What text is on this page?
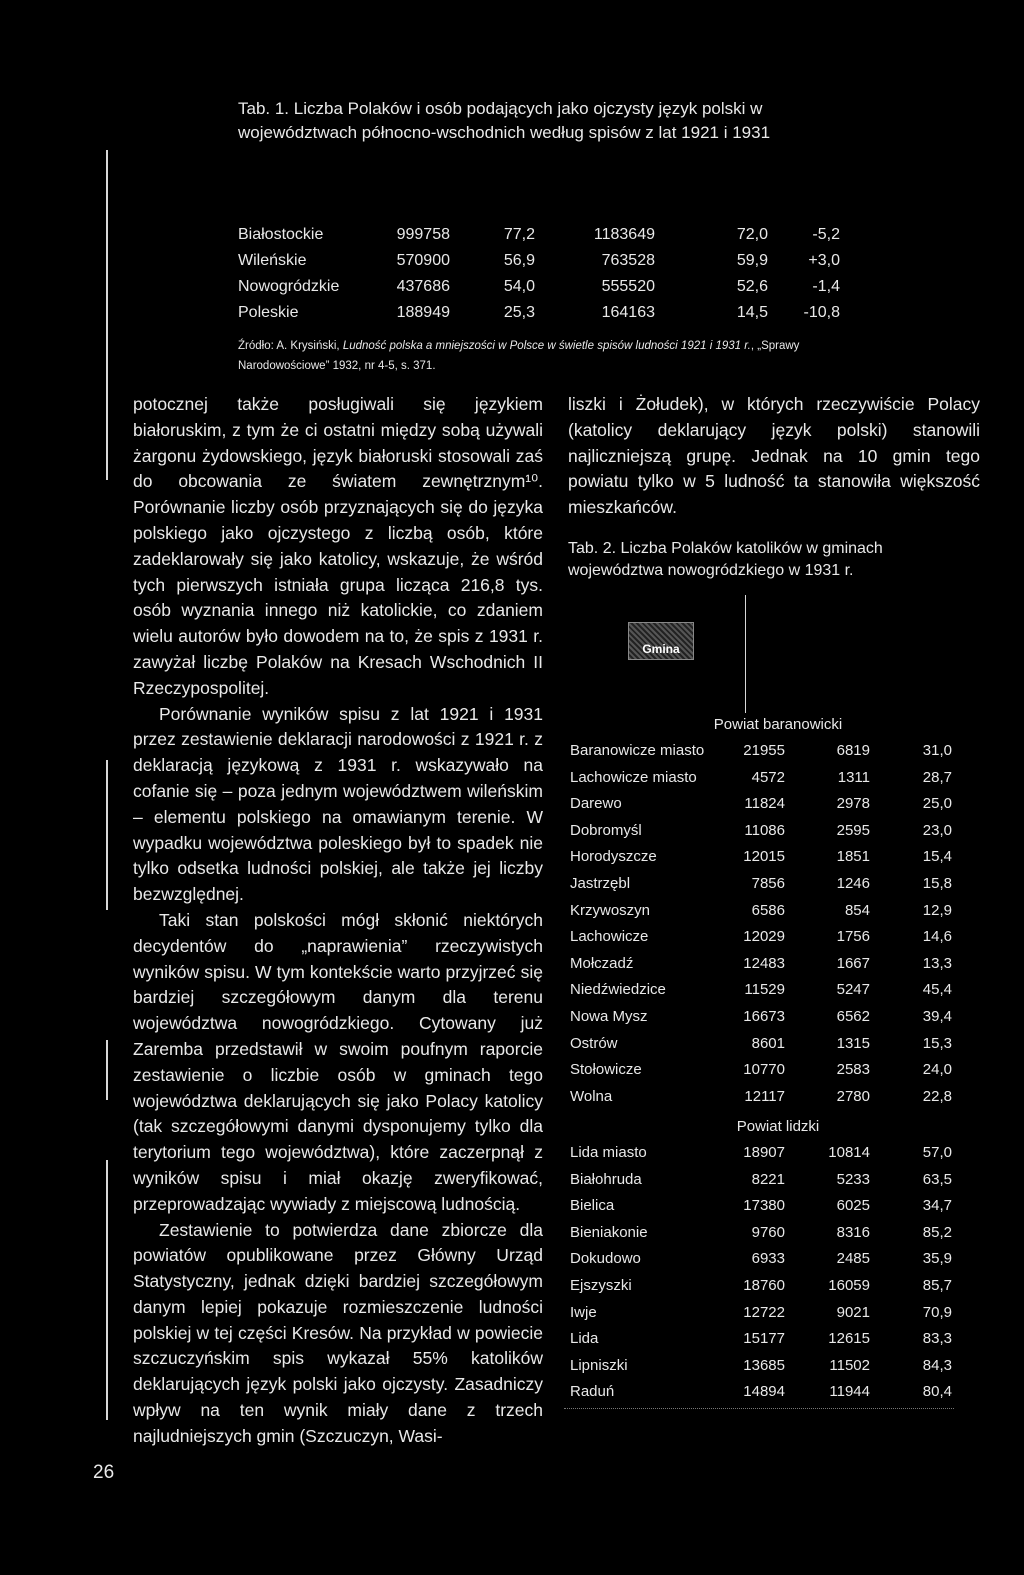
Tab. 1. Liczba Polaków i osób podających jako ojczysty język polski w województwach północno-wschodnich według spisów z lat 1921 i 1931
Białostockie	999758	77,2	1183649	72,0	-5,2
Wileńskie	570900	56,9	763528	59,9	+3,0
Nowogródzkie	437686	54,0	555520	52,6	-1,4
Poleskie	188949	25,3	164163	14,5	-10,8
Źródło: A. Krysiński, Ludność polska a mniejszości w Polsce w świetle spisów ludności 1921 i 1931 r., „Sprawy Narodowościowe” 1932, nr 4-5, s. 371.

potocznej także posługiwali się językiem białoruskim, z tym że ci ostatni między sobą używali żargonu żydowskiego, język białoruski stosowali zaś do obcowania ze światem zewnętrznym¹⁰. Porównanie liczby osób przyznających się do języka polskiego jako ojczystego z liczbą osób, które zadeklarowały się jako katolicy, wskazuje, że wśród tych pierwszych istniała grupa licząca 216,8 tys. osób wyznania innego niż katolickie, co zdaniem wielu autorów było dowodem na to, że spis z 1931 r. zawyżał liczbę Polaków na Kresach Wschodnich II Rzeczypospolitej.

Porównanie wyników spisu z lat 1921 i 1931 przez zestawienie deklaracji narodowości z 1921 r. z deklaracją językową z 1931 r. wskazywało na cofanie się – poza jednym województwem wileńskim – elementu polskiego na omawianym terenie. W wypadku województwa poleskiego był to spadek nie tylko odsetka ludności polskiej, ale także jej liczby bezwzględnej.

Taki stan polskości mógł skłonić niektórych decydentów do „naprawienia” rzeczywistych wyników spisu. W tym kontekście warto przyjrzeć się bardziej szczegółowym danym dla terenu województwa nowogródzkiego. Cytowany już Zaremba przedstawił w swoim poufnym raporcie zestawienie o liczbie osób w gminach tego województwa deklarujących się jako Polacy katolicy (tak szczegółowymi danymi dysponujemy tylko dla terytorium tego województwa), które zaczerpnął z wyników spisu i miał okazję zweryfikować, przeprowadzając wywiady z miejscową ludnością.

Zestawienie to potwierdza dane zbiorcze dla powiatów opublikowane przez Główny Urząd Statystyczny, jednak dzięki bardziej szczegółowym danym lepiej pokazuje rozmieszczenie ludności polskiej w tej części Kresów. Na przykład w powiecie szczuczyńskim spis wykazał 55% katolików deklarujących język polski jako ojczysty. Zasadniczy wpływ na ten wynik miały dane z trzech najludniejszych gmin (Szczuczyn, Wasi-

liszki i Żołudek), w których rzeczywiście Polacy (katolicy deklarujący język polski) stanowili najliczniejszą grupę. Jednak na 10 gmin tego powiatu tylko w 5 ludność ta stanowiła większość mieszkańców.

Tab. 2. Liczba Polaków katolików w gminach województwa nowogródzkiego w 1931 r.
Gmina
Powiat baranowicki
Baranowicze miasto	21955	6819	31,0
Lachowicze miasto	4572	1311	28,7
Darewo	11824	2978	25,0
Dobromyśl	11086	2595	23,0
Horodyszcze	12015	1851	15,4
Jastrzębl	7856	1246	15,8
Krzywoszyn	6586	854	12,9
Lachowicze	12029	1756	14,6
Mołczadź	12483	1667	13,3
Niedźwiedzice	11529	5247	45,4
Nowa Mysz	16673	6562	39,4
Ostrów	8601	1315	15,3
Stołowicze	10770	2583	24,0
Wolna	12117	2780	22,8
Powiat lidzki
Lida miasto	18907	10814	57,0
Białohruda	8221	5233	63,5
Bielica	17380	6025	34,7
Bieniakonie	9760	8316	85,2
Dokudowo	6933	2485	35,9
Ejszyszki	18760	16059	85,7
Iwje	12722	9021	70,9
Lida	15177	12615	83,3
Lipniszki	13685	11502	84,3
Raduń	14894	11944	80,4
26
